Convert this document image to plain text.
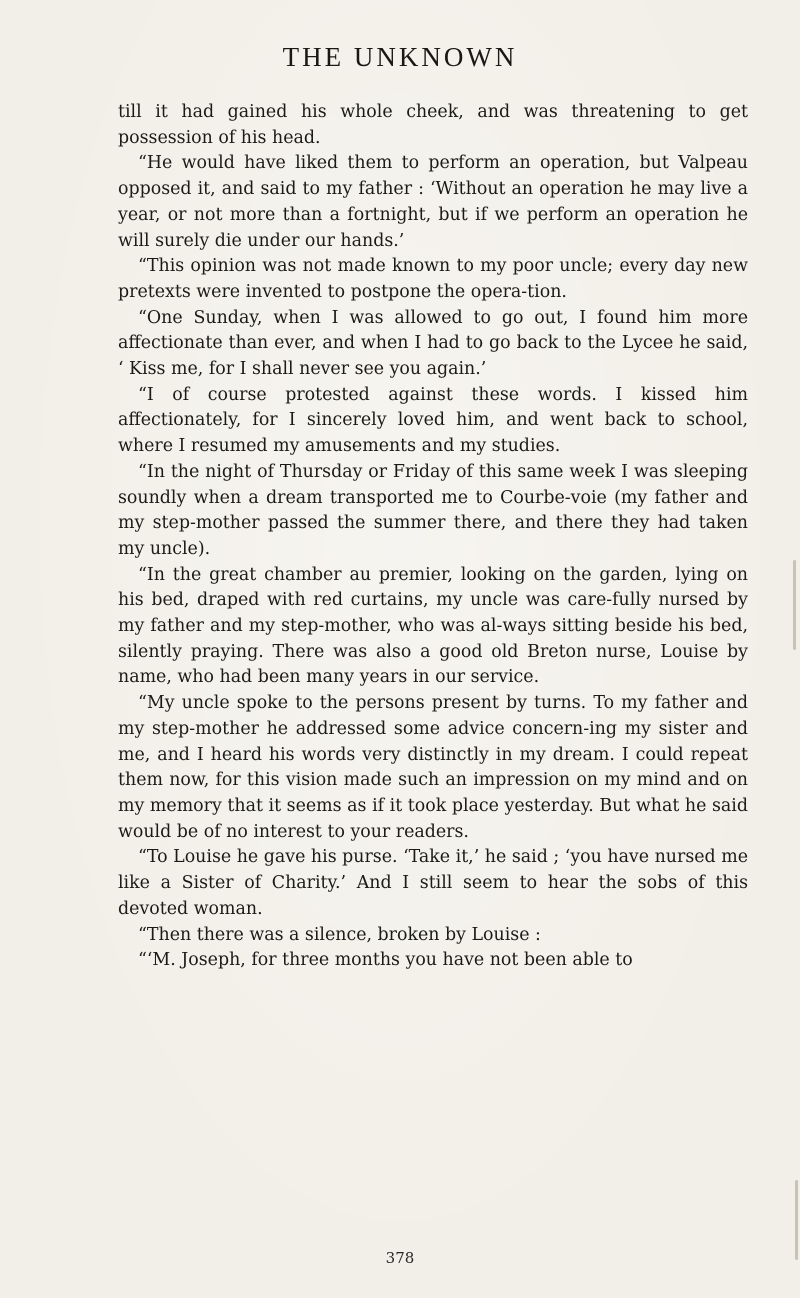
THE UNKNOWN

till it had gained his whole cheek, and was threatening to get possession of his head.

“He would have liked them to perform an operation, but Valpeau opposed it, and said to my father : ‘Without an operation he may live a year, or not more than a fortnight, but if we perform an operation he will surely die under our hands.’

“This opinion was not made known to my poor uncle; every day new pretexts were invented to postpone the opera-tion.

“One Sunday, when I was allowed to go out, I found him more affectionate than ever, and when I had to go back to the Lycee he said, ‘ Kiss me, for I shall never see you again.’

“I of course protested against these words. I kissed him affectionately, for I sincerely loved him, and went back to school, where I resumed my amusements and my studies.

“In the night of Thursday or Friday of this same week I was sleeping soundly when a dream transported me to Courbe-voie (my father and my step-mother passed the summer there, and there they had taken my uncle).

“In the great chamber au premier, looking on the garden, lying on his bed, draped with red curtains, my uncle was care-fully nursed by my father and my step-mother, who was al-ways sitting beside his bed, silently praying. There was also a good old Breton nurse, Louise by name, who had been many years in our service.

“My uncle spoke to the persons present by turns. To my father and my step-mother he addressed some advice concern-ing my sister and me, and I heard his words very distinctly in my dream. I could repeat them now, for this vision made such an impression on my mind and on my memory that it seems as if it took place yesterday. But what he said would be of no interest to your readers.

“To Louise he gave his purse. ‘Take it,’ he said ; ‘you have nursed me like a Sister of Charity.’ And I still seem to hear the sobs of this devoted woman.

“Then there was a silence, broken by Louise :

“‘M. Joseph, for three months you have not been able to

378
